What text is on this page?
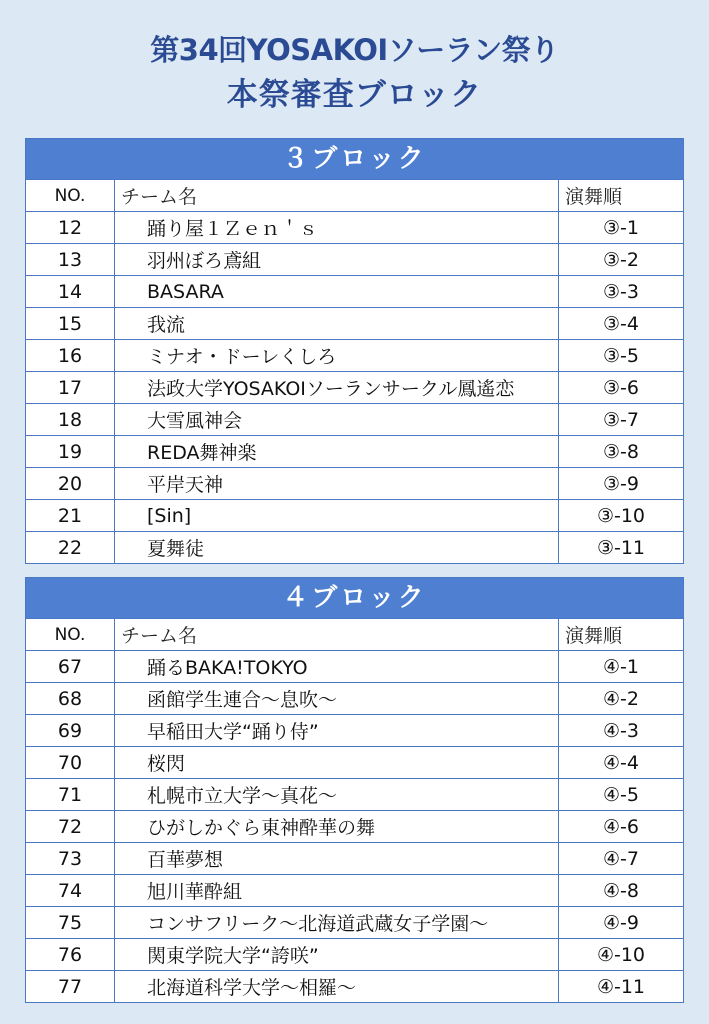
第34回YOSAKOIソーラン祭り
本祭審査ブロック
３ブロック
NO.	チーム名	演舞順
12	踊り屋１Ｚｅｎ＇ｓ	③-1
13	羽州ぼろ鳶組	③-2
14	BASARA	③-3
15	我流	③-4
16	ミナオ・ドーレくしろ	③-5
17	法政大学YOSAKOIソーランサークル鳳遙恋	③-6
18	大雪風神会	③-7
19	REDA舞神楽	③-8
20	平岸天神	③-9
21	[Sin]	③-10
22	夏舞徒	③-11
４ブロック
NO.	チーム名	演舞順
67	踊るBAKA!TOKYO	④-1
68	函館学生連合～息吹～	④-2
69	早稲田大学“踊り侍”	④-3
70	桜閃	④-4
71	札幌市立大学～真花～	④-5
72	ひがしかぐら東神酔華の舞	④-6
73	百華夢想	④-7
74	旭川華酔組	④-8
75	コンサフリーク～北海道武蔵女子学園～	④-9
76	関東学院大学“誇咲”	④-10
77	北海道科学大学～相羅～	④-11
